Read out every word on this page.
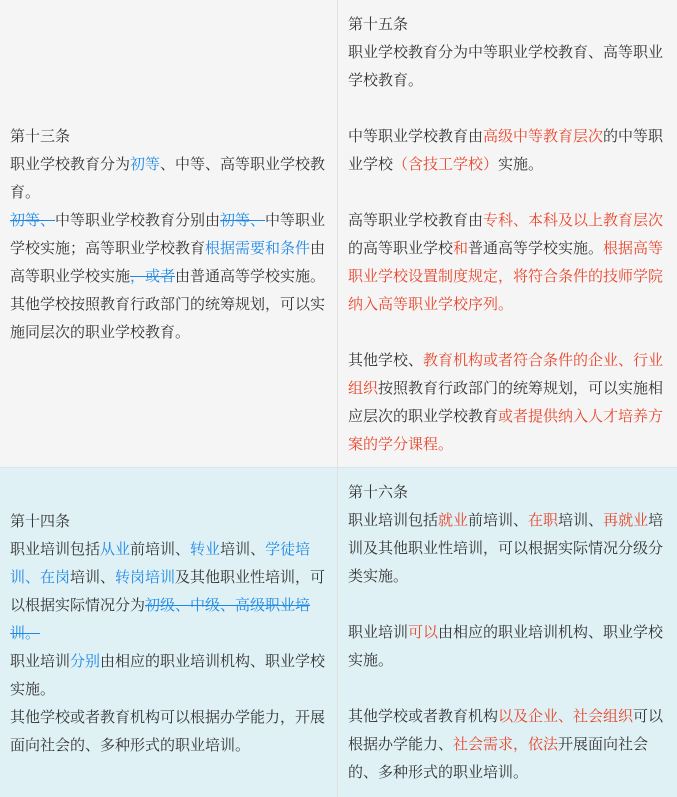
第十三条

职业学校教育分为初等、中等、高等职业学校教育。

初等、中等职业学校教育分别由初等、中等职业学校实施；高等职业学校教育根据需要和条件由高等职业学校实施，或者由普通高等学校实施。

其他学校按照教育行政部门的统筹规划，可以实施同层次的职业学校教育。

第十五条

职业学校教育分为中等职业学校教育、高等职业学校教育。

中等职业学校教育由高级中等教育层次的中等职业学校（含技工学校）实施。

高等职业学校教育由专科、本科及以上教育层次的高等职业学校和普通高等学校实施。根据高等职业学校设置制度规定，将符合条件的技师学院纳入高等职业学校序列。

其他学校、教育机构或者符合条件的企业、行业组织按照教育行政部门的统筹规划，可以实施相应层次的职业学校教育或者提供纳入人才培养方案的学分课程。

第十四条

职业培训包括从业前培训、转业培训、学徒培训、在岗培训、转岗培训及其他职业性培训，可以根据实际情况分为初级、中级、高级职业培训。

职业培训分别由相应的职业培训机构、职业学校实施。

其他学校或者教育机构可以根据办学能力，开展面向社会的、多种形式的职业培训。

第十六条

职业培训包括就业前培训、在职培训、再就业培训及其他职业性培训，可以根据实际情况分级分类实施。

职业培训可以由相应的职业培训机构、职业学校实施。

其他学校或者教育机构以及企业、社会组织可以根据办学能力、社会需求，依法开展面向社会的、多种形式的职业培训。
